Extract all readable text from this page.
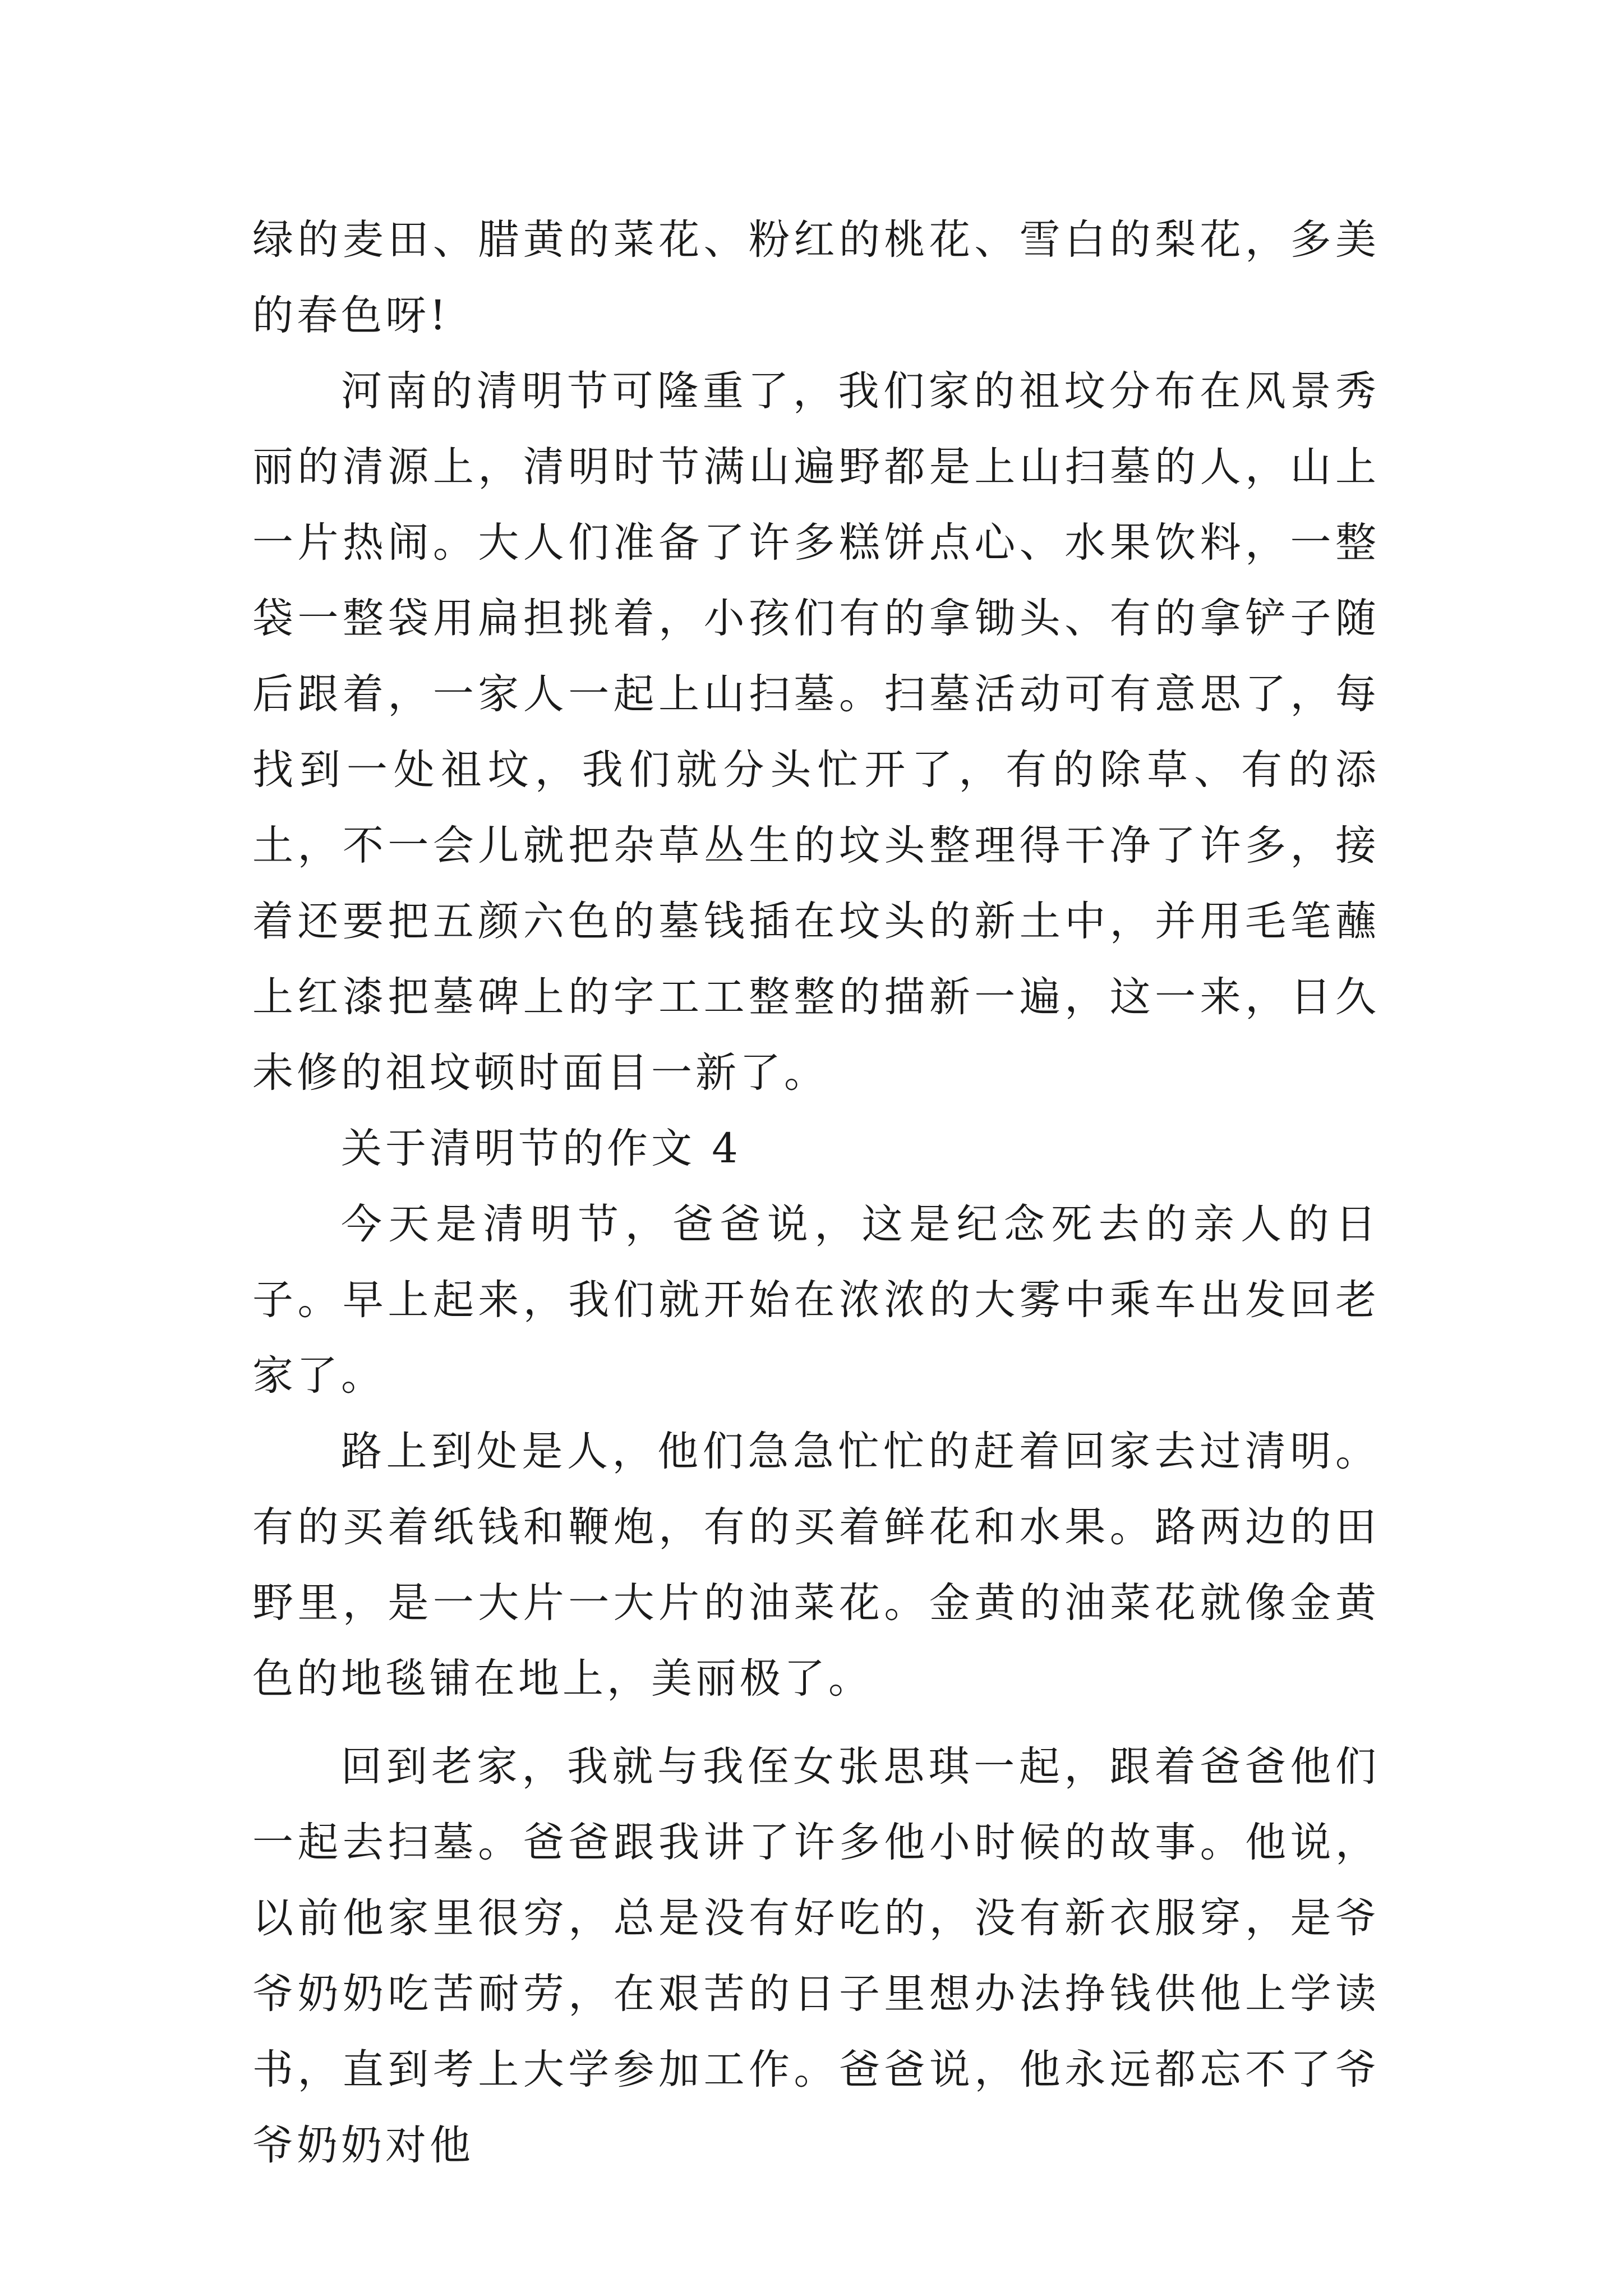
绿的麦田、腊黄的菜花、粉红的桃花、雪白的梨花，多美的春色呀!

河南的清明节可隆重了，我们家的祖坟分布在风景秀丽的清源上，清明时节满山遍野都是上山扫墓的人，山上一片热闹。大人们准备了许多糕饼点心、水果饮料，一整袋一整袋用扁担挑着，小孩们有的拿锄头、有的拿铲子随后跟着，一家人一起上山扫墓。扫墓活动可有意思了，每找到一处祖坟，我们就分头忙开了，有的除草、有的添土，不一会儿就把杂草丛生的坟头整理得干净了许多，接着还要把五颜六色的墓钱插在坟头的新土中，并用毛笔蘸上红漆把墓碑上的字工工整整的描新一遍，这一来，日久未修的祖坟顿时面目一新了。

关于清明节的作文 4

今天是清明节，爸爸说，这是纪念死去的亲人的日子。早上起来，我们就开始在浓浓的大雾中乘车出发回老家了。

路上到处是人，他们急急忙忙的赶着回家去过清明。有的买着纸钱和鞭炮，有的买着鲜花和水果。路两边的田野里，是一大片一大片的油菜花。金黄的油菜花就像金黄色的地毯铺在地上，美丽极了。

回到老家，我就与我侄女张思琪一起，跟着爸爸他们一起去扫墓。爸爸跟我讲了许多他小时候的故事。他说，以前他家里很穷，总是没有好吃的，没有新衣服穿，是爷爷奶奶吃苦耐劳，在艰苦的日子里想办法挣钱供他上学读书，直到考上大学参加工作。爸爸说，他永远都忘不了爷爷奶奶对他
